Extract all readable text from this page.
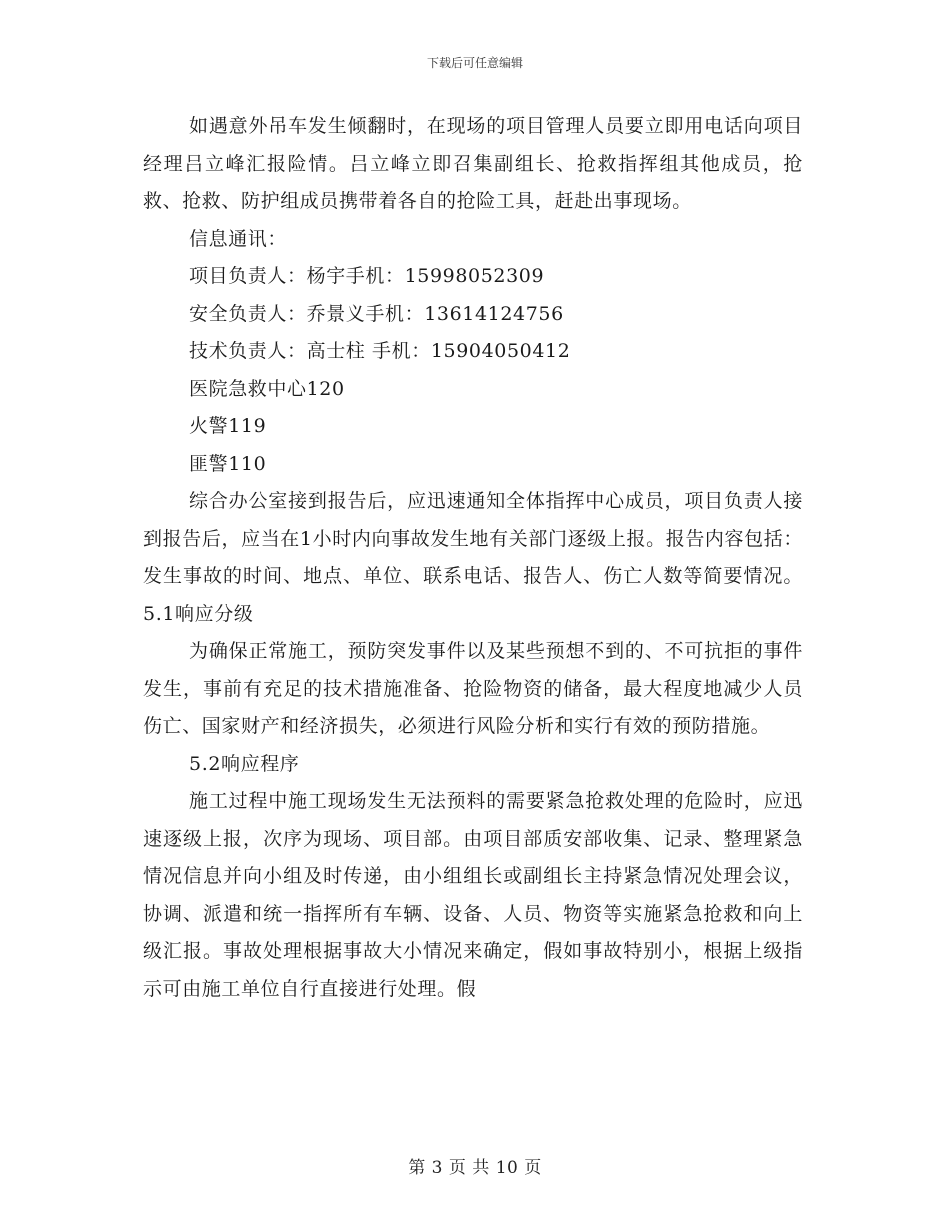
下载后可任意编辑

如遇意外吊车发生倾翻时，在现场的项目管理人员要立即用电话向项目经理吕立峰汇报险情。吕立峰立即召集副组长、抢救指挥组其他成员，抢救、抢救、防护组成员携带着各自的抢险工具，赶赴出事现场。

信息通讯：

项目负责人：杨宇手机：15998052309

安全负责人：乔景义手机：13614124756

技术负责人：高士柱 手机：15904050412

医院急救中心120

火警119

匪警110

综合办公室接到报告后，应迅速通知全体指挥中心成员，项目负责人接到报告后，应当在1小时内向事故发生地有关部门逐级上报。报告内容包括：发生事故的时间、地点、单位、联系电话、报告人、伤亡人数等简要情况。5.1响应分级

为确保正常施工，预防突发事件以及某些预想不到的、不可抗拒的事件发生，事前有充足的技术措施准备、抢险物资的储备，最大程度地减少人员伤亡、国家财产和经济损失，必须进行风险分析和实行有效的预防措施。

5.2响应程序

施工过程中施工现场发生无法预料的需要紧急抢救处理的危险时，应迅速逐级上报，次序为现场、项目部。由项目部质安部收集、记录、整理紧急情况信息并向小组及时传递，由小组组长或副组长主持紧急情况处理会议，协调、派遣和统一指挥所有车辆、设备、人员、物资等实施紧急抢救和向上级汇报。事故处理根据事故大小情况来确定，假如事故特别小，根据上级指示可由施工单位自行直接进行处理。假

第 3 页 共 10 页
